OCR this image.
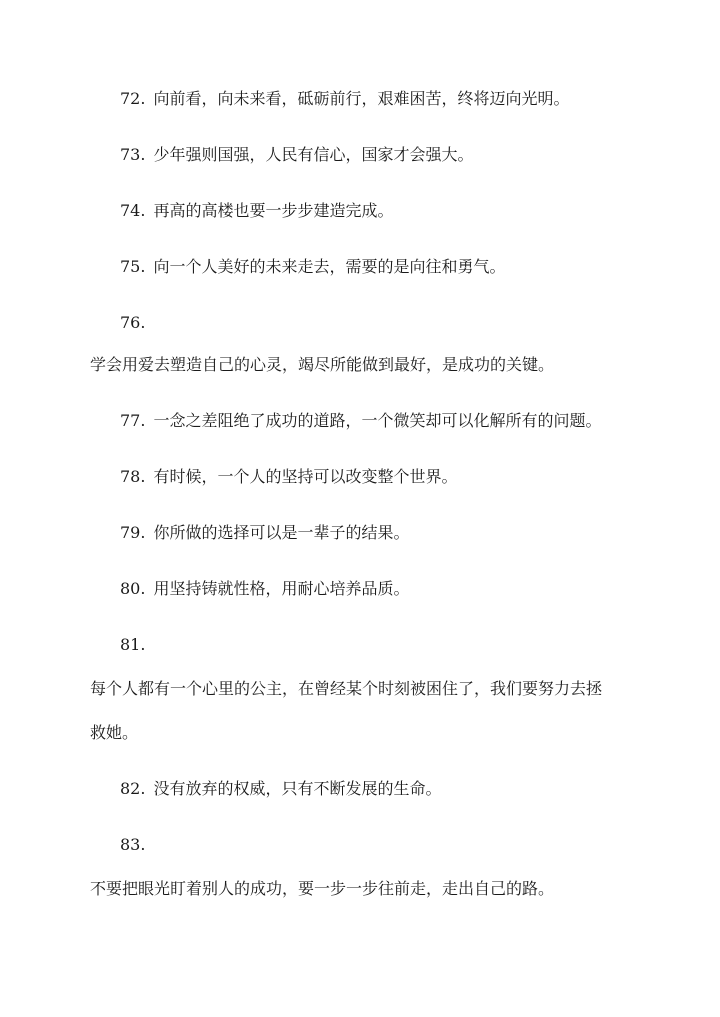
72. 向前看，向未来看，砥砺前行，艰难困苦，终将迈向光明。
73. 少年强则国强，人民有信心，国家才会强大。
74. 再高的高楼也要一步步建造完成。
75. 向一个人美好的未来走去，需要的是向往和勇气。
76.
学会用爱去塑造自己的心灵，竭尽所能做到最好，是成功的关键。
77. 一念之差阻绝了成功的道路，一个微笑却可以化解所有的问题。
78. 有时候，一个人的坚持可以改变整个世界。
79. 你所做的选择可以是一辈子的结果。
80. 用坚持铸就性格，用耐心培养品质。
81.
每个人都有一个心里的公主，在曾经某个时刻被困住了，我们要努力去拯
救她。
82. 没有放弃的权威，只有不断发展的生命。
83.
不要把眼光盯着别人的成功，要一步一步往前走，走出自己的路。
